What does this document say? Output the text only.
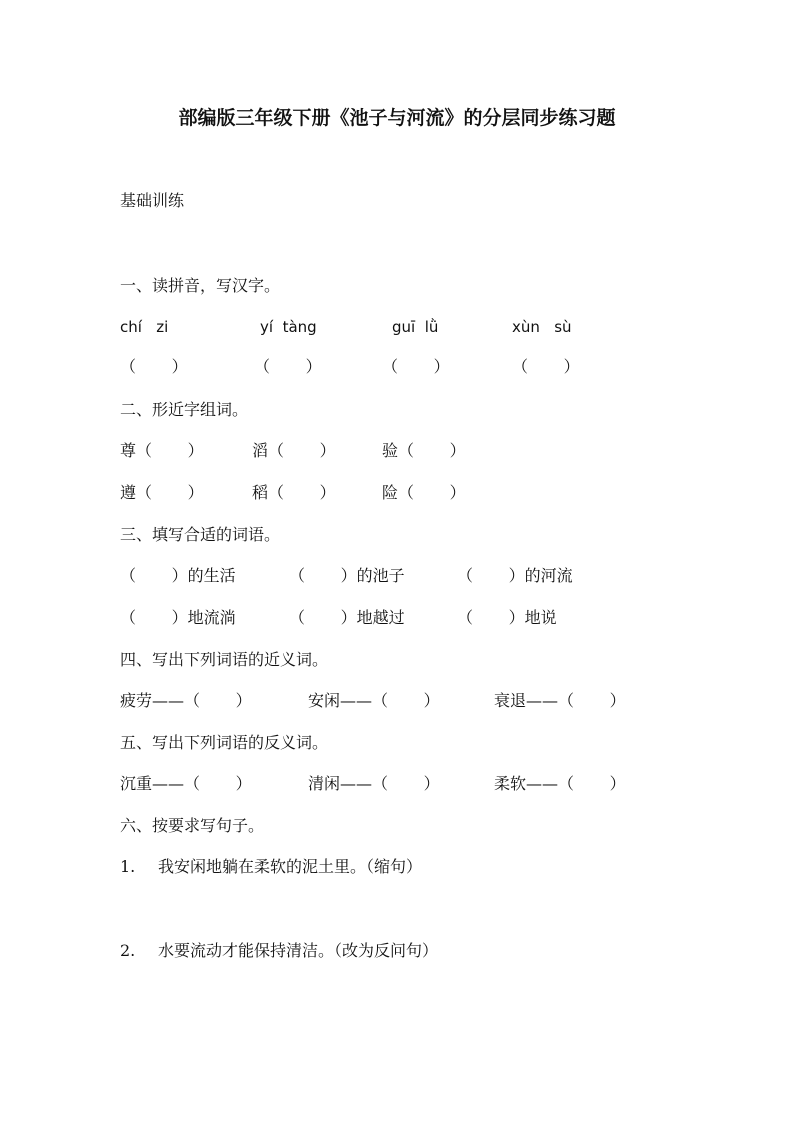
部编版三年级下册《池子与河流》的分层同步练习题
基础训练
一、读拼音，写汉字。
chí   zi	yí  tàng	guī  lǜ	xùn   sù
（       ）	（       ）	（       ）	（       ）
二、形近字组词。
尊（       ）	滔（       ）	验（       ）
遵（       ）	稻（       ）	险（       ）
三、填写合适的词语。
（       ）的生活	（       ）的池子	（       ）的河流
（       ）地流淌	（       ）地越过	（       ）地说
四、写出下列词语的近义词。
疲劳——（       ）	安闲——（       ）	衰退——（       ）
五、写出下列词语的反义词。
沉重——（       ）	清闲——（       ）	柔软——（       ）
六、按要求写句子。
1. 我安闲地躺在柔软的泥土里。（缩句）
2. 水要流动才能保持清洁。（改为反问句）
